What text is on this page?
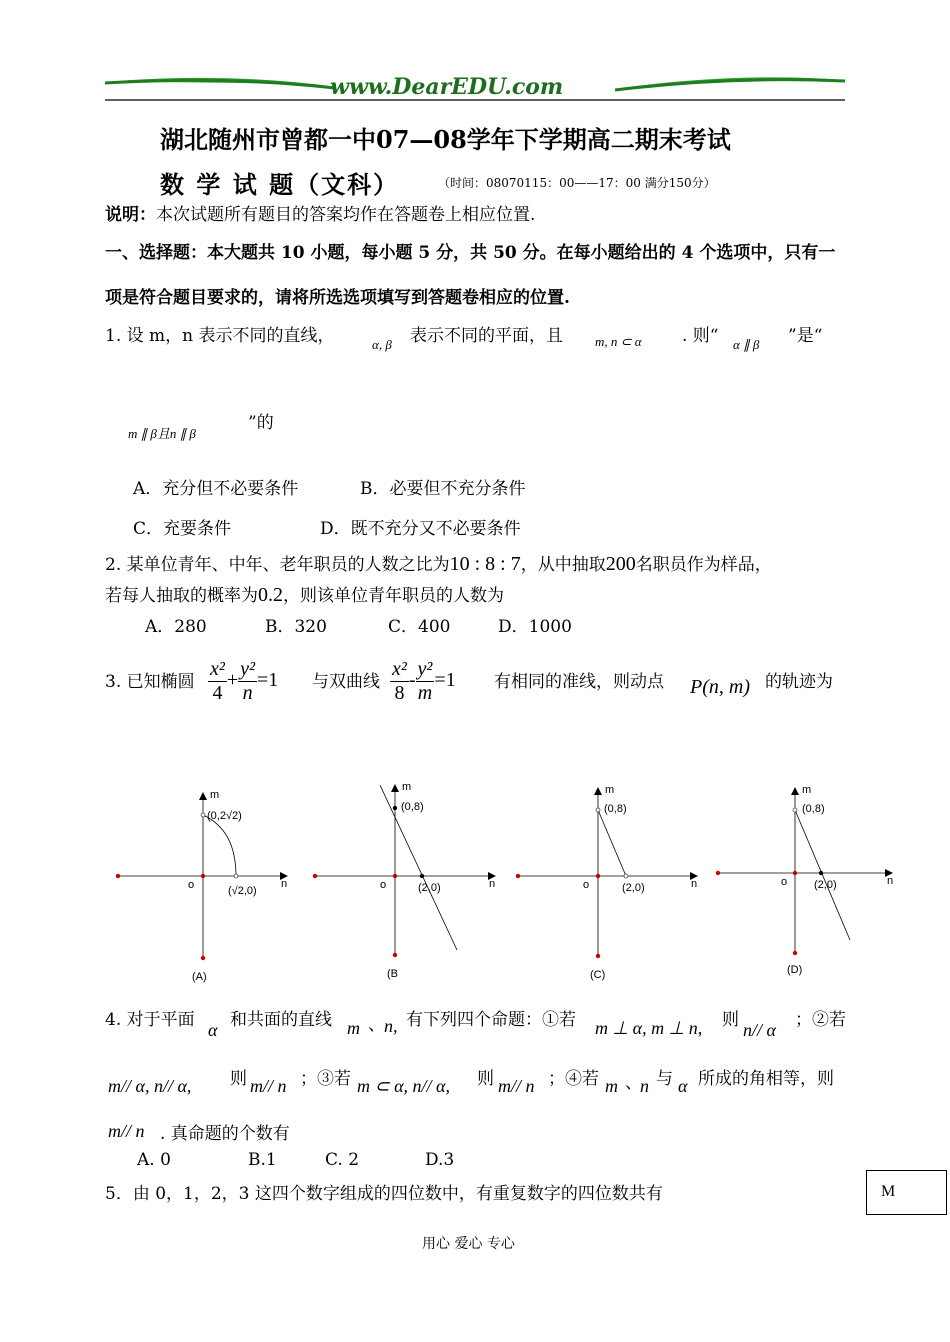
www.DearEDU.com
湖北随州市曾都一中07—08学年下学期高二期末考试
数 学 试 题（文科）	（时间：08070115：00——17：00 满分150分）
说明：本次试题所有题目的答案均作在答题卷上相应位置.
一、选择题：本大题共 10 小题，每小题 5 分，共 50 分。在每小题给出的 4 个选项中，只有一
项是符合题目要求的，请将所选选项填写到答题卷相应的位置.
1. 设 m，n 表示不同的直线，	α, β 表示不同的平面，且 m, n ⊂ α . 则“ α ∥ β ”是“
m ∥ β且n ∥ β
”的
A．充分但不必要条件	B．必要但不充分条件
C．充要条件	D．既不充分又不必要条件
2. 某单位青年、中年、老年职员的人数之比为10 : 8 : 7，从中抽取200名职员作为样品，
若每人抽取的概率为0.2，则该单位青年职员的人数为
A．280	B．320	C．400	D．1000
3. 已知椭圆 $\frac{\text{x²}}{4} + \frac{\text{y²}}{n} =1$ 与双曲线 $\frac{\text{x²}}{8} - \frac{\text{y²}}{m} =1$ 有相同的准线，则动点 P(n, m) 的轨迹为
m
n
o
(0,2√2)
(√2,0)
(A)
m
n
o
(0,8)
(2,0)
(B
m
n
o
(0,8)
(2,0)
(C)
m
n
o
(0,8)
(2,0)
(D)
4. 对于平面 α 和共面的直线 m 、 n, 有下列四个命题：①若 m ⊥ α, m ⊥ n, 则 n// α ；②若
m// α, n// α, 则 m// n ；③若 m ⊂ α, n// α, 则 m// n ；④若 m 、
n 与 α 所成的角相等，则
m// n . 真命题的个数有
A. 0	B.1	C. 2	D.3
5．由 0，1，2，3 这四个数字组成的四位数中，有重复数字的四位数共有	M
用心 爱心 专心
